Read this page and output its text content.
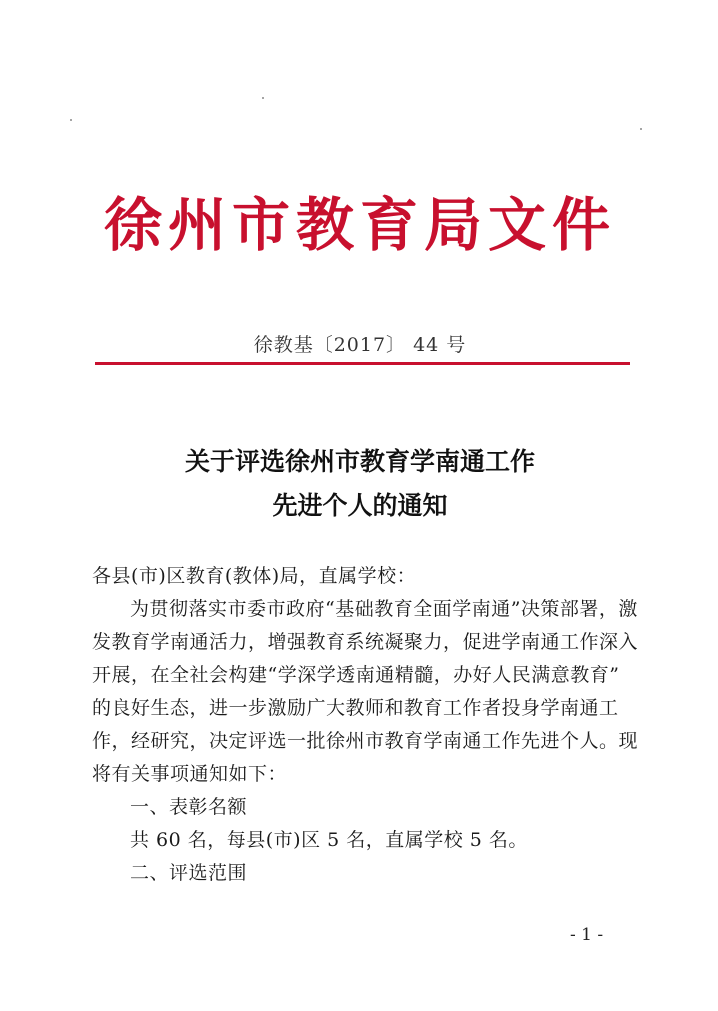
徐州市教育局文件
徐教基〔2017〕 44 号
关于评选徐州市教育学南通工作
先进个人的通知
各县(市)区教育(教体)局，直属学校：
为贯彻落实市委市政府“基础教育全面学南通”决策部署，激
发教育学南通活力，增强教育系统凝聚力，促进学南通工作深入
开展，在全社会构建“学深学透南通精髓，办好人民满意教育”
的良好生态，进一步激励广大教师和教育工作者投身学南通工
作，经研究，决定评选一批徐州市教育学南通工作先进个人。现
将有关事项通知如下：
一、表彰名额
共 60 名，每县(市)区 5 名，直属学校 5 名。
二、评选范围
- 1 -
